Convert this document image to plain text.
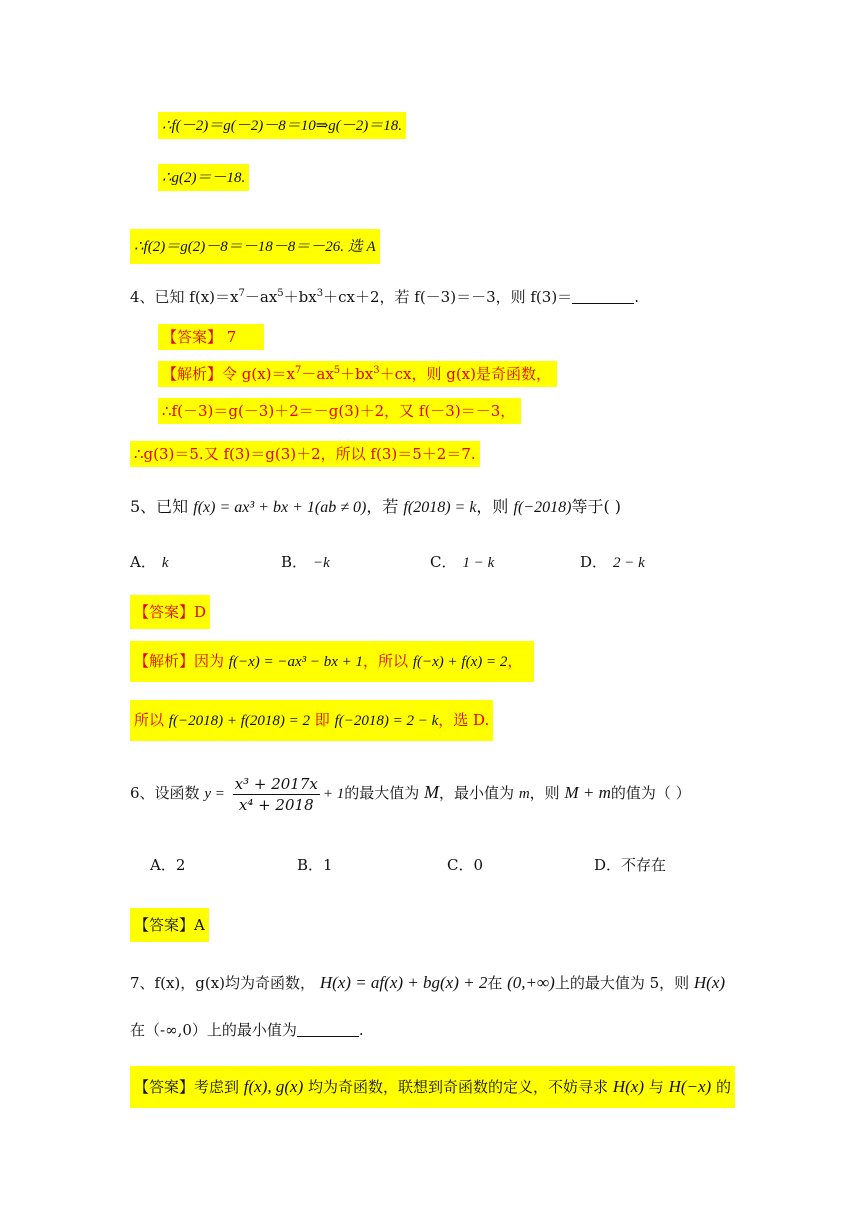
∴f(－2)＝g(－2)－8＝10⇒g(－2)＝18.
∴g(2)＝－18.
∴f(2)＝g(2)－8＝－18－8＝－26. 选 A
4、已知 $f(x)=x^7-ax^5+bx^3+cx+2$，若 f(－3)＝－3，则 f(3)＝	.
【答案】 7
【解析】令 $g(x)=x^7-ax^5+bx^3+cx$，则 g(x)是奇函数，
∴f(－3)＝g(－3)＋2＝－g(3)＋2，又 f(－3)＝－3，
∴g(3)＝5.又 f(3)＝g(3)＋2，所以 f(3)＝5＋2＝7.
5、已知 f(x) = ax³ + bx + 1(ab ≠ 0)，若 f(2018) = k，则 f(−2018)等于( )
A． k	B． −k	C． 1 − k	D． 2 − k
【答案】D
【解析】因为 f(−x) = −ax³ − bx + 1，所以 f(−x) + f(x) = 2，
所以 f(−2018) + f(2018) = 2 即 f(−2018) = 2 − k，选 D.
6、设函数 $y = \frac{\text{x³ + 2017x}}{\text{x⁴ + 2018}} + 1$的最大值为 M，最小值为 m，则 M + m的值为（ ）
A．2	B．1	C．0	D．不存在
【答案】A
7、f(x)，g(x)均为奇函数， H(x) = af(x) + bg(x) + 2在 (0,+∞)上的最大值为 5，则 H(x)
在（-∞,0）上的最小值为	.
【答案】考虑到 f(x), g(x) 均为奇函数，联想到奇函数的定义，不妨寻求 H(x) 与 H(−x) 的
